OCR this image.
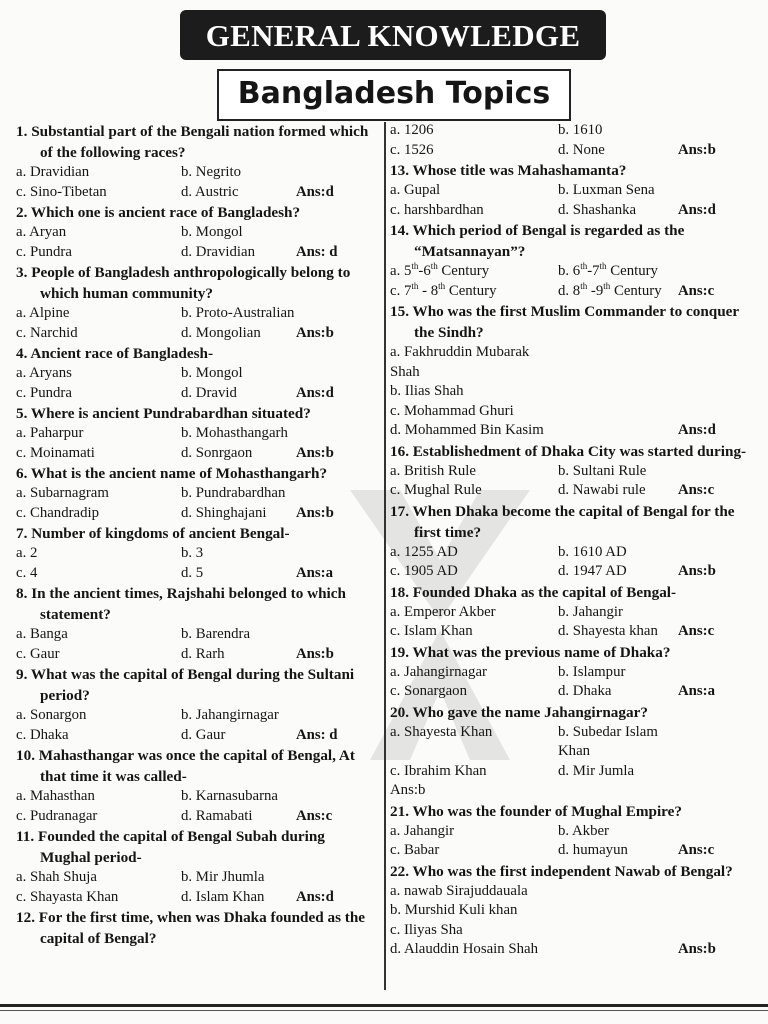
GENERAL KNOWLEDGE
Bangladesh Topics
1. Substantial part of the Bengali nation formed which of the following races?
a. Dravidian	b. Negrito
c. Sino-Tibetan	d. Austric	Ans:d
2. Which one is ancient race of Bangladesh?
a. Aryan	b. Mongol
c. Pundra	d. Dravidian	Ans: d
3. People of Bangladesh anthropologically belong to which human community?
a. Alpine	b. Proto-Australian
c. Narchid	d. Mongolian	Ans:b
4. Ancient race of Bangladesh-
a. Aryans	b. Mongol
c. Pundra	d. Dravid	Ans:d
5. Where is ancient Pundrabardhan situated?
a. Paharpur	b. Mohasthangarh
c. Moinamati	d. Sonrgaon	Ans:b
6. What is the ancient name of Mohasthangarh?
a. Subarnagram	b. Pundrabardhan
c. Chandradip	d. Shinghajani	Ans:b
7. Number of kingdoms of ancient Bengal-
a. 2	b. 3
c. 4	d. 5	Ans:a
8. In the ancient times, Rajshahi belonged to which statement?
a. Banga	b. Barendra
c. Gaur	d. Rarh	Ans:b
9. What was the capital of Bengal during the Sultani period?
a. Sonargon	b. Jahangirnagar
c. Dhaka	d. Gaur	Ans: d
10. Mahasthangar was once the capital of Bengal, At that time it was called-
a. Mahasthan	b. Karnasubarna
c. Pudranagar	d. Ramabati	Ans:c
11. Founded the capital of Bengal Subah during Mughal period-
a. Shah Shuja	b. Mir Jhumla
c. Shayasta Khan	d. Islam Khan	Ans:d
12. For the first time, when was Dhaka founded as the capital of Bengal?
a. 1206	b. 1610
c. 1526	d. None	Ans:b
13. Whose title was Mahashamanta?
a. Gupal	b. Luxman Sena
c. harshbardhan	d. Shashanka	Ans:d
14. Which period of Bengal is regarded as the “Matsannayan”?
a. 5th-6th Century	b. 6th-7th Century
c. 7th - 8th Century	d. 8th -9th Century	Ans:c
15. Who was the first Muslim Commander to conquer the Sindh?
a. Fakhruddin Mubarak Shah
b. Ilias Shah
c. Mohammad Ghuri
d. Mohammed Bin Kasim	Ans:d
16. Establishedment of Dhaka City was started during-
a. British Rule	b. Sultani Rule
c. Mughal Rule	d. Nawabi rule	Ans:c
17. When Dhaka become the capital of Bengal for the first time?
a. 1255 AD	b. 1610 AD
c. 1905 AD	d. 1947 AD	Ans:b
18. Founded Dhaka as the capital of Bengal-
a. Emperor Akber	b. Jahangir
c. Islam Khan	d. Shayesta khan	Ans:c
19. What was the previous name of Dhaka?
a. Jahangirnagar	b. Islampur
c. Sonargaon	d. Dhaka	Ans:a
20. Who gave the name Jahangirnagar?
a. Shayesta Khan	b. Subedar Islam Khan
c. Ibrahim Khan	d. Mir Jumla
Ans:b
21. Who was the founder of Mughal Empire?
a. Jahangir	b. Akber
c. Babar	d. humayun	Ans:c
22. Who was the first independent Nawab of Bengal?
a. nawab Sirajuddauala
b. Murshid Kuli khan
c. Iliyas Sha
d. Alauddin Hosain Shah	Ans:b
